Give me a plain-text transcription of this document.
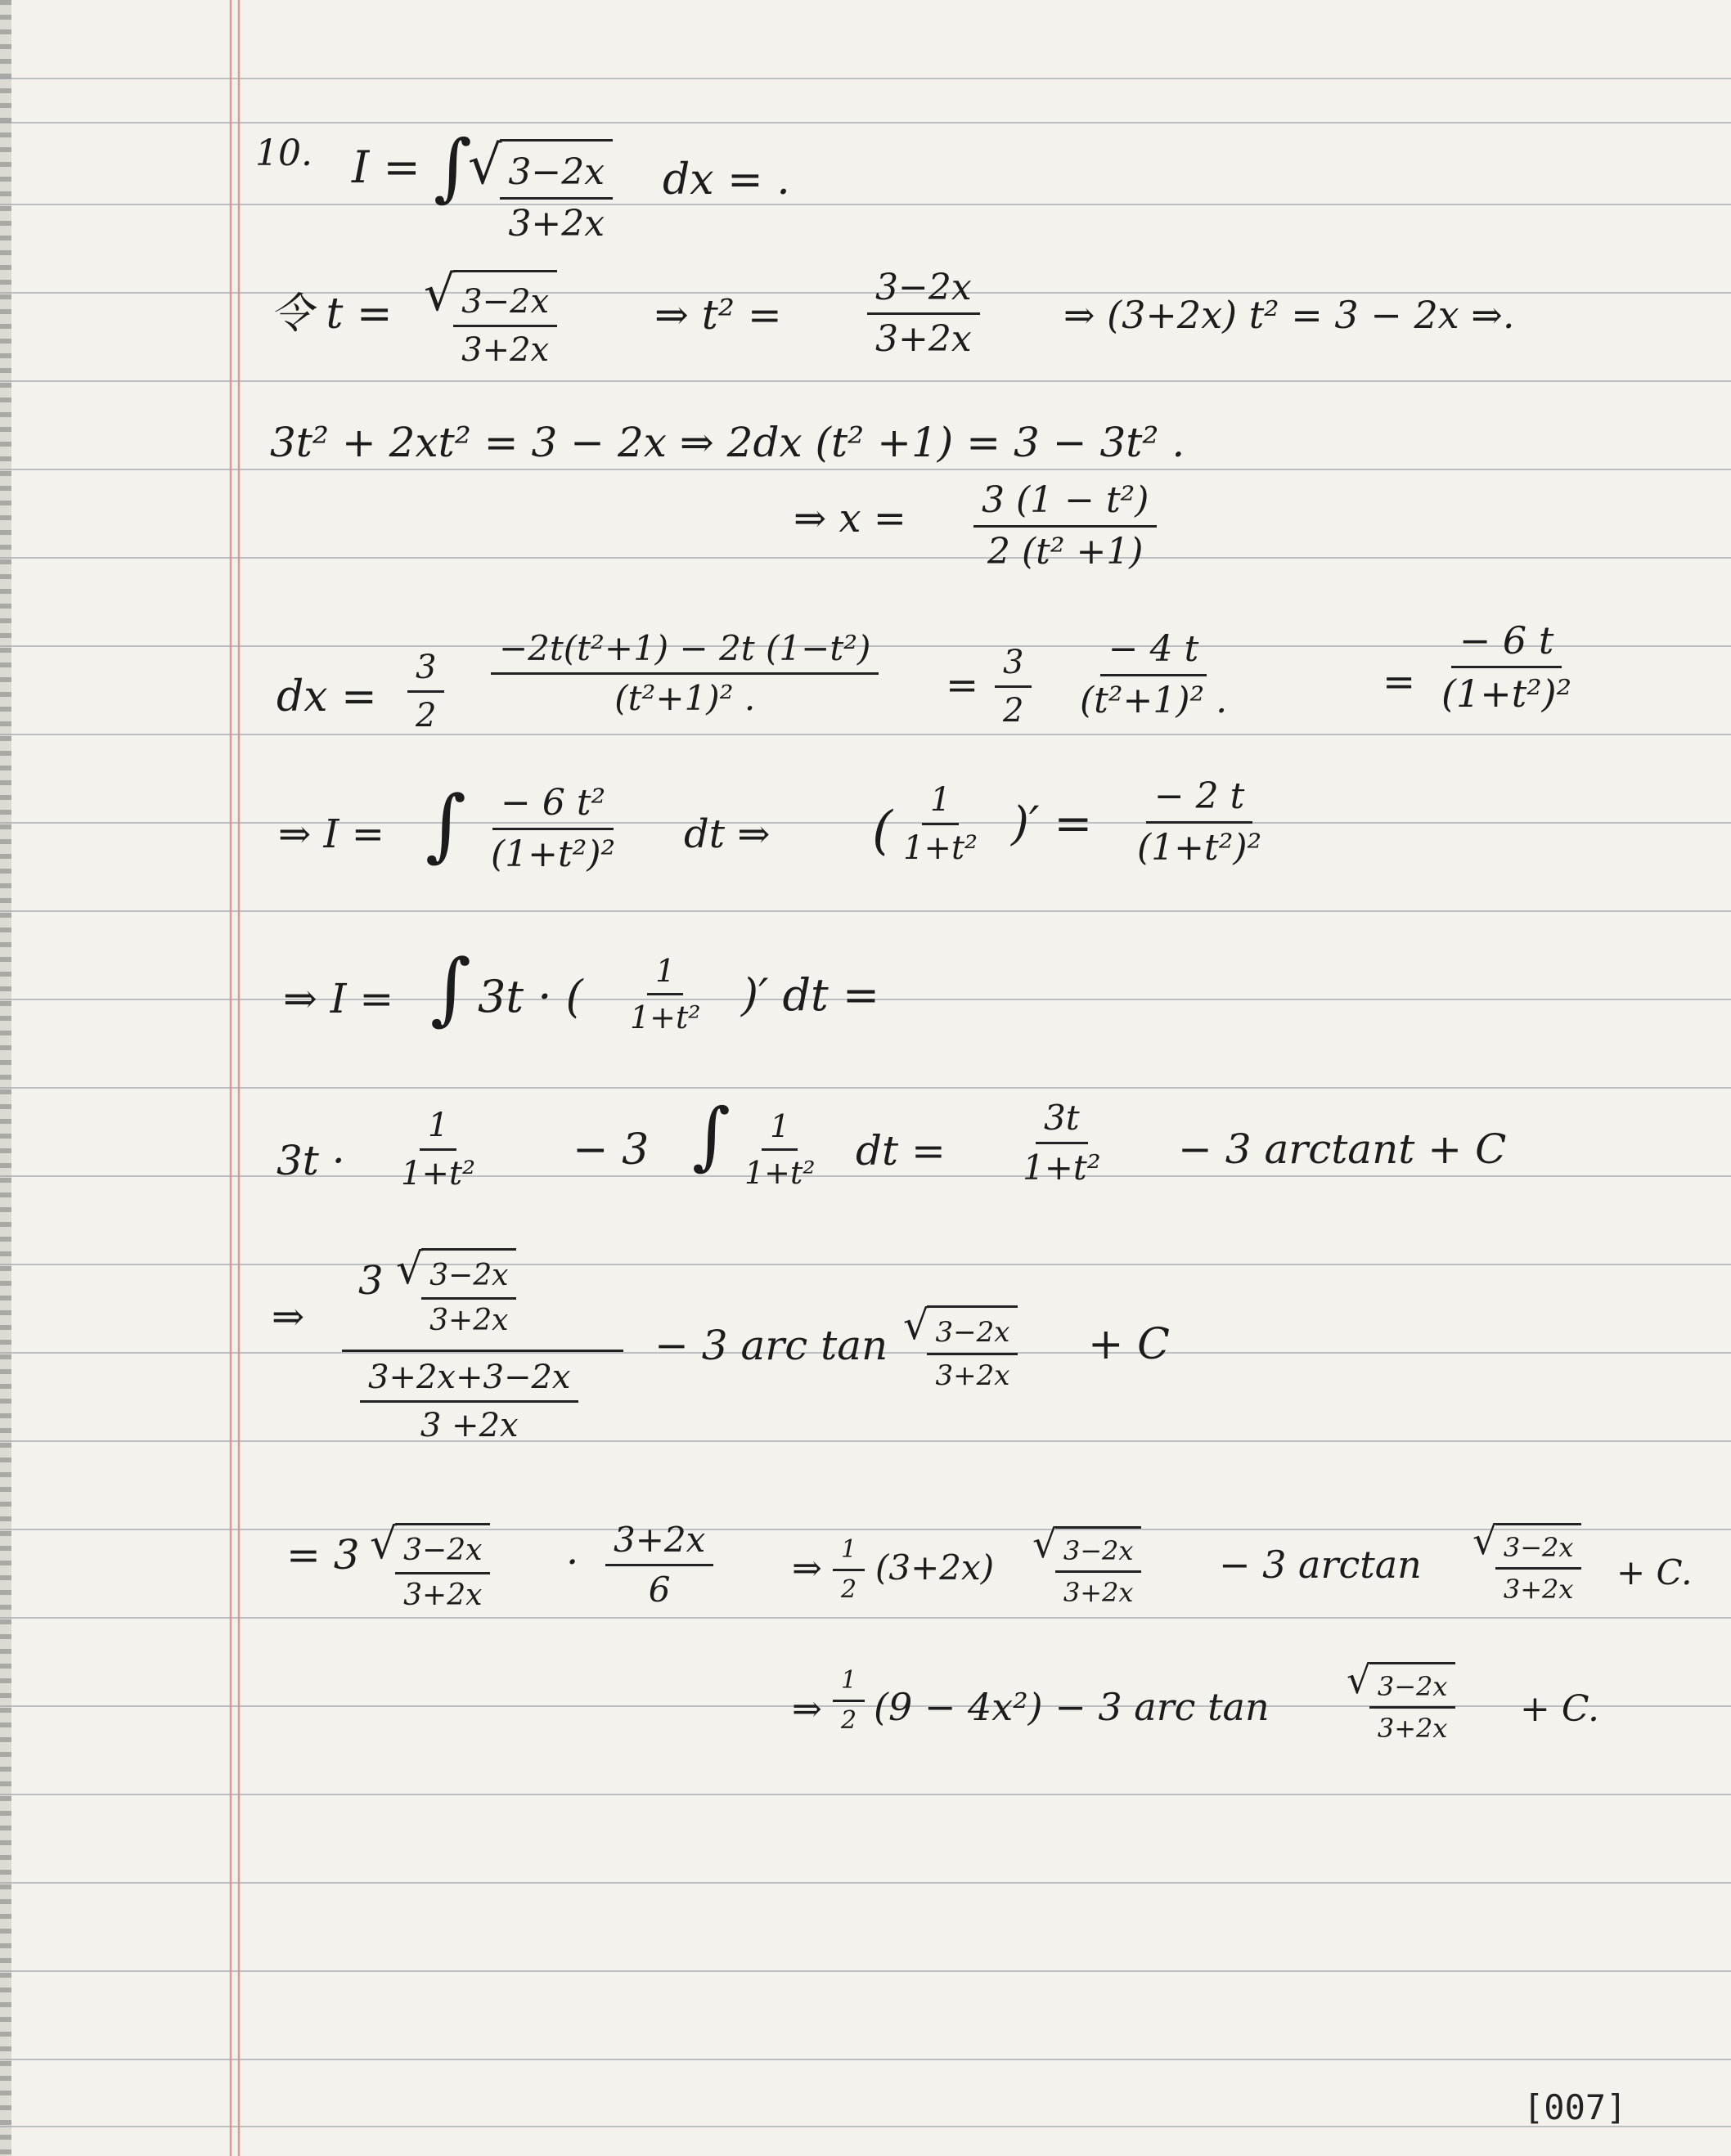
10. I = ∫
√
$\frac{3-2x}{3+2x}$ dx = .
令 t = √
$\frac{3-2x}{3+2x}$ ⇒ $t^2 = \frac{3-2x}{3+2x}$ ⇒ (3+2x) t² = 3 − 2x ⇒.
3t² + 2xt² = 3 − 2x ⇒ 2dx (t² +1) = 3 − 3t² .
⇒ $x = \frac{\text{3 (1 − t²)}}{\text{2 (t² +1)}}$
dx = $\frac{3}{2} \frac{\text{−2t(t²+1) − 2t (1−t²)}}{\text{(t²+1)² .}} = \frac{3}{2} \frac{- 4 t}{\text{(t²+1)² .}}$	= $\frac{- 6 t}{\text{(1+t²)²}}$
⇒ I = ∫ $\frac{\text{− 6 t²}}{\text{(1+t²)²}}$ dt ⇒ ( $\frac{1}{\text{1+t²}}$ )′ = $\frac{- 2 t}{\text{(1+t²)²}}$
⇒ I = ∫ 3t · ( $\frac{1}{\text{1+t²}}$ )′ dt =
$3t \cdot \frac{1}{\text{1+t²}} - 3$ ∫ $\frac{1}{\text{1+t²}}$ dt = $\frac{3t}{\text{1+t²}} - 3$ arctant + C
⇒
3 √
$\frac{3-2x}{3+2x}$
$\frac{3+2x+3-2x}{3 +2x}$
− 3 arc tan √
$\frac{3-2x}{3+2x} + C$
= 3 √
$\frac{3-2x}{3+2x} \cdot \frac{3+2x}{6}$ ⇒ $\frac{1}{2} (3+2x)$
√
$\frac{3-2x}{3+2x} - 3$ arctan
√
$\frac{3-2x}{3+2x} + C$.
⇒ $\frac{1}{2} (9 - 4x^2) - 3$ arc tan
√
$\frac{3-2x}{3+2x} + C$.
[007]
